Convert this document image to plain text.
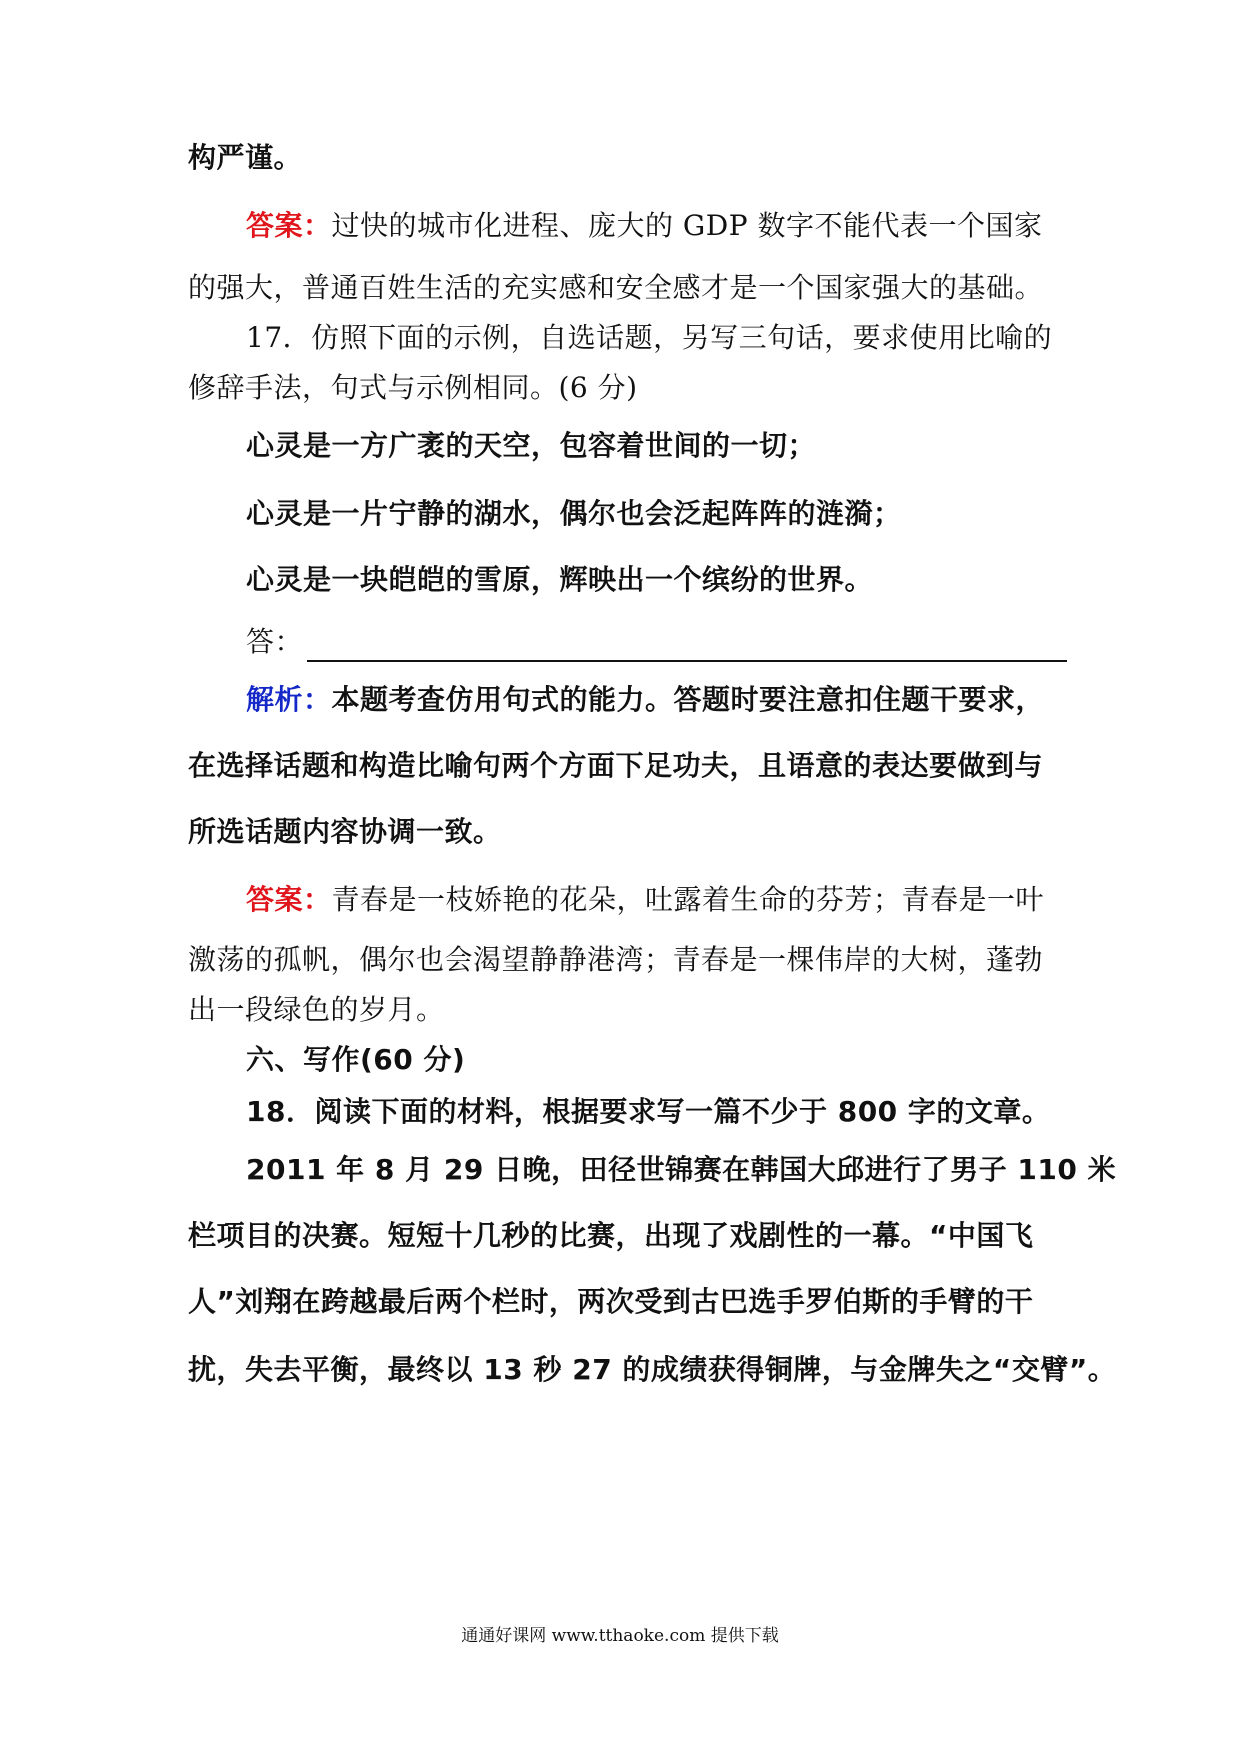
构严谨。
答案：过快的城市化进程、庞大的 GDP 数字不能代表一个国家
的强大，普通百姓生活的充实感和安全感才是一个国家强大的基础。
17．仿照下面的示例，自选话题，另写三句话，要求使用比喻的
修辞手法，句式与示例相同。(6 分)
心灵是一方广袤的天空，包容着世间的一切；
心灵是一片宁静的湖水，偶尔也会泛起阵阵的涟漪；
心灵是一块皑皑的雪原，辉映出一个缤纷的世界。
答：
解析：本题考查仿用句式的能力。答题时要注意扣住题干要求，
在选择话题和构造比喻句两个方面下足功夫，且语意的表达要做到与
所选话题内容协调一致。
答案：青春是一枝娇艳的花朵，吐露着生命的芬芳；青春是一叶
激荡的孤帆，偶尔也会渴望静静港湾；青春是一棵伟岸的大树，蓬勃
出一段绿色的岁月。
六、写作(60 分)
18．阅读下面的材料，根据要求写一篇不少于 800 字的文章。
2011 年 8 月 29 日晚，田径世锦赛在韩国大邱进行了男子 110 米
栏项目的决赛。短短十几秒的比赛，出现了戏剧性的一幕。“中国飞
人”刘翔在跨越最后两个栏时，两次受到古巴选手罗伯斯的手臂的干
扰，失去平衡，最终以 13 秒 27 的成绩获得铜牌，与金牌失之“交臂”。
通通好课网 www.tthaoke.com 提供下载
